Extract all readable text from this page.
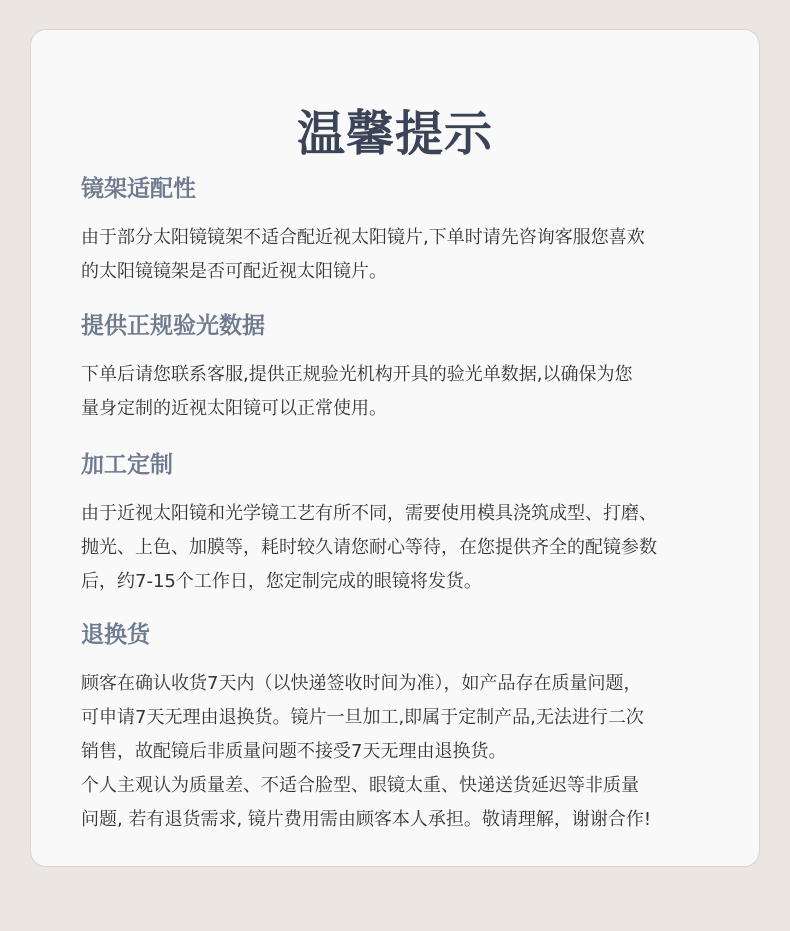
温馨提示
镜架适配性
由于部分太阳镜镜架不适合配近视太阳镜片,下单时请先咨询客服您喜欢
的太阳镜镜架是否可配近视太阳镜片。
提供正规验光数据
下单后请您联系客服,提供正规验光机构开具的验光单数据,以确保为您
量身定制的近视太阳镜可以正常使用。
加工定制
由于近视太阳镜和光学镜工艺有所不同，需要使用模具浇筑成型、打磨、
抛光、上色、加膜等，耗时较久请您耐心等待，在您提供齐全的配镜参数
后，约7-15个工作日，您定制完成的眼镜将发货。
退换货
顾客在确认收货7天内（以快递签收时间为准），如产品存在质量问题，
可申请7天无理由退换货。镜片一旦加工,即属于定制产品,无法进行二次
销售，故配镜后非质量问题不接受7天无理由退换货。
个人主观认为质量差、不适合脸型、眼镜太重、快递送货延迟等非质量
问题, 若有退货需求, 镜片费用需由顾客本人承担。敬请理解，谢谢合作!
